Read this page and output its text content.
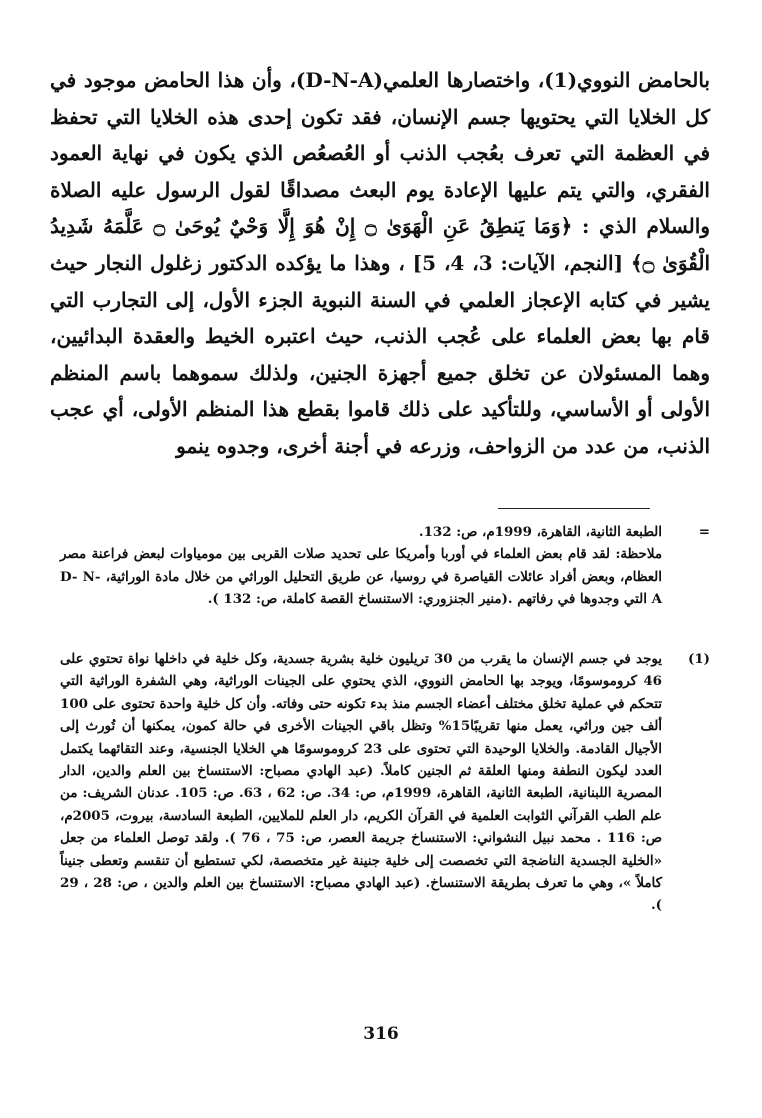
بالحامض النووي(1)، واختصارها العلمي(D-N-A)، وأن هذا الحامض موجود في كل الخلايا التي يحتويها جسم الإنسان، فقد تكون إحدى هذه الخلايا التي تحفظ في العظمة التي تعرف بعُجب الذنب أو العُصعُص الذي يكون في نهاية العمود الفقري، والتي يتم عليها الإعادة يوم البعث مصداقًا لقول الرسول عليه الصلاة والسلام الذي : ﴿وَمَا يَنطِقُ عَنِ الْهَوَىٰ ۝ إِنْ هُوَ إِلَّا وَحْيٌ يُوحَىٰ ۝ عَلَّمَهُ شَدِيدُ الْقُوَىٰ ۝﴾ [النجم، الآيات: 3، 4، 5] ، وهذا ما يؤكده الدكتور زغلول النجار حيث يشير في كتابه الإعجاز العلمي في السنة النبوية الجزء الأول، إلى التجارب التي قام بها بعض العلماء على عُجب الذنب، حيث اعتبره الخيط والعقدة البدائيين، وهما المسئولان عن تخلق جميع أجهزة الجنين، ولذلك سموهما باسم المنظم الأولى أو الأساسي، وللتأكيد على ذلك قاموا بقطع هذا المنظم الأولى، أي عجب الذنب، من عدد من الزواحف، وزرعه في أجنة أخرى، وجدوه ينمو

=

الطبعة الثانية، القاهرة، 1999م، ص: 132.

ملاحظة: لقد قام بعض العلماء في أوربا وأمريكا على تحديد صلات القربى بين مومياوات لبعض فراعنة مصر العظام، وبعض أفراد عائلات القياصرة في روسيا، عن طريق التحليل الوراثي من خلال مادة الوراثية، D- N- A التي وجدوها في رفاتهم .(منير الجنزوري: الاستنساخ القصة كاملة، ص: 132 ).

(1)

يوجد في جسم الإنسان ما يقرب من 30 تريليون خلية بشرية جسدية، وكل خلية في داخلها نواة تحتوي على 46 كروموسومًا، ويوجد بها الحامض النووي، الذي يحتوي على الجينات الوراثية، وهي الشفرة الوراثية التي تتحكم في عملية تخلق مختلف أعضاء الجسم منذ بدء تكونه حتى وفاته. وأن كل خلية واحدة تحتوى على 100 ألف جين وراثي، يعمل منها تقريبًا15% وتظل باقي الجينات الأخرى في حالة كمون، يمكنها أن تُورث إلى الأجيال القادمة. والخلايا الوحيدة التي تحتوى على 23 كروموسومًا هي الخلايا الجنسية، وعند التقائهما يكتمل العدد ليكون النطفة ومنها العلقة ثم الجنين كاملاً. (عبد الهادي مصباح: الاستنساخ بين العلم والدين، الدار المصرية اللبنانية، الطبعة الثانية، القاهرة، 1999م، ص: 34. ص: 62 ، 63. ص: 105. عدنان الشريف: من علم الطب القرآني الثوابت العلمية في القرآن الكريم، دار العلم للملايين، الطبعة السادسة، بيروت، 2005م، ص: 116 . محمد نبيل النشواني: الاستنساخ جريمة العصر، ص: 75 ، 76 ). ولقد توصل العلماء من جعل «الخلية الجسدية الناضجة التي تخصصت إلى خلية جنينة غير متخصصة، لكي تستطيع أن تنقسم وتعطى جنيناً كاملاً »، وهي ما تعرف بطريقة الاستنساخ. (عبد الهادي مصباح: الاستنساخ بين العلم والدين ، ص: 28 ، 29 ).

316
